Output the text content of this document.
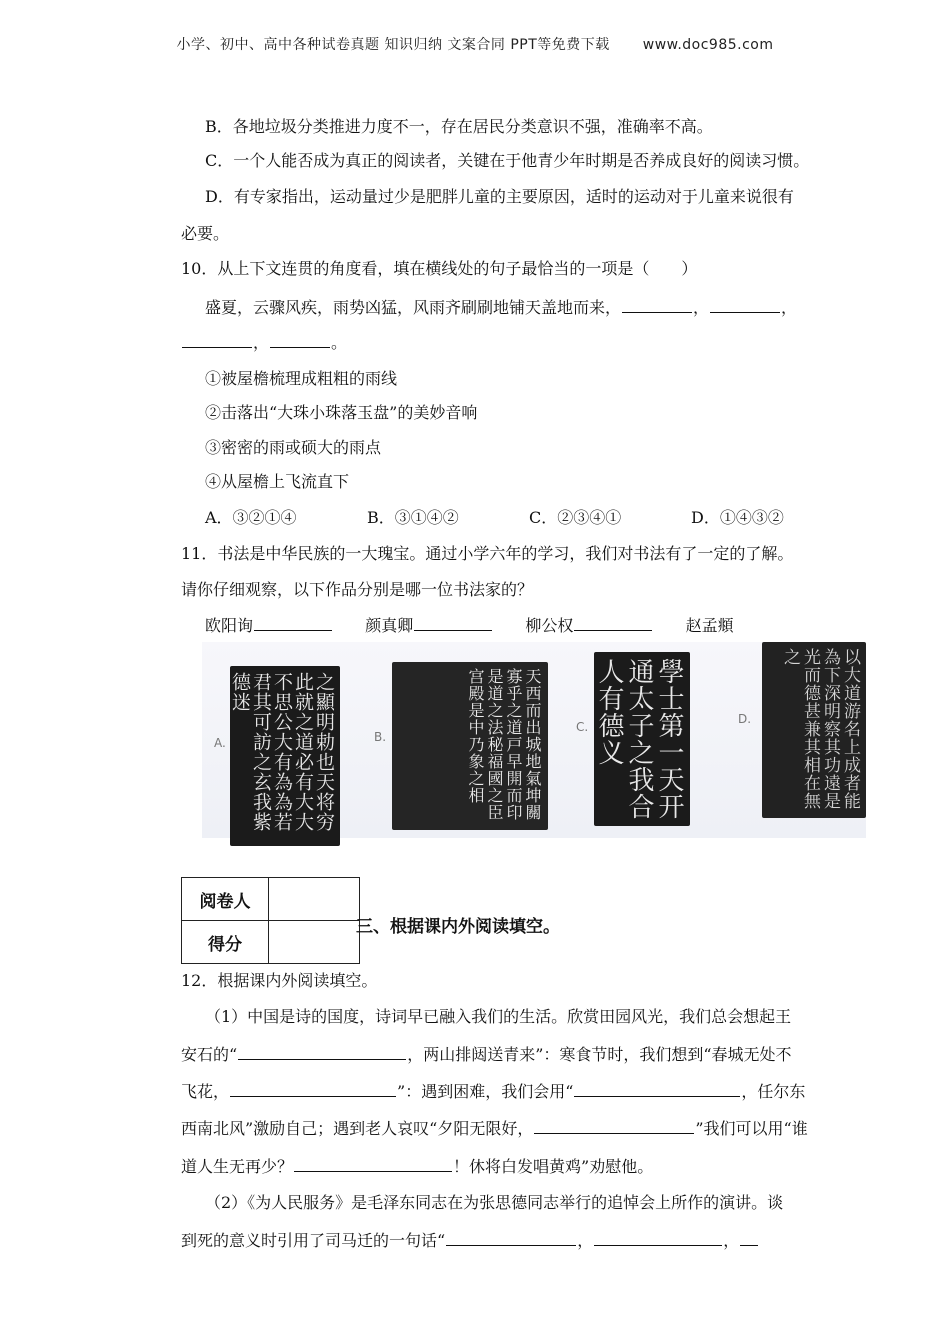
小学、初中、高中各种试卷真题 知识归纳 文案合同 PPT等免费下载 www.doc985.com
B．各地垃圾分类推进力度不一，存在居民分类意识不强，准确率不高。
C．一个人能否成为真正的阅读者，关键在于他青少年时期是否养成良好的阅读习惯。
D．有专家指出，运动量过少是肥胖儿童的主要原因，适时的运动对于儿童来说很有
必要。
10．从上下文连贯的角度看，填在横线处的句子最恰当的一项是（　　）
盛夏，云骤风疾，雨势凶猛，风雨齐刷刷地铺天盖地而来，	，	，
，	。
①被屋檐梳理成粗粗的雨线
②击落出“大珠小珠落玉盘”的美妙音响
③密密的雨或硕大的雨点
④从屋檐上飞流直下
A．③②①④	B．③①④②	C．②③④①	D．①④③②
11．书法是中华民族的一大瑰宝。通过小学六年的学习，我们对书法有了一定的了解。
请你仔细观察，以下作品分别是哪一位书法家的？
欧阳询	颜真卿	柳公权	赵孟頫
A.	之顯明勅也天将穷此就之道必有大大不思公大有為為若君其可訪之玄我紫德迷
B.	天西而出城地氣坤關寡乎之道戸早開而印是道之法秘福國之臣宫殿是中乃象之相	C.	學士第一天开通太子之我合人有德义	D.	以大道游名上成者能為下深明察其功遠是光而德甚兼其相在無之
阅卷人	
得分	
三、根据课内外阅读填空。
12．根据课内外阅读填空。
（1）中国是诗的国度，诗词早已融入我们的生活。欣赏田园风光，我们总会想起王
安石的“	，两山排闼送青来”：寒食节时，我们想到“春城无处不
飞花，	”：遇到困难，我们会用“	，任尔东
西南北风”激励自己；遇到老人哀叹“夕阳无限好，	”我们可以用“谁
道人生无再少？	！休将白发唱黄鸡”劝慰他。
（2）《为人民服务》是毛泽东同志在为张思德同志举行的追悼会上所作的演讲。谈
到死的意义时引用了司马迁的一句话“	，	，
